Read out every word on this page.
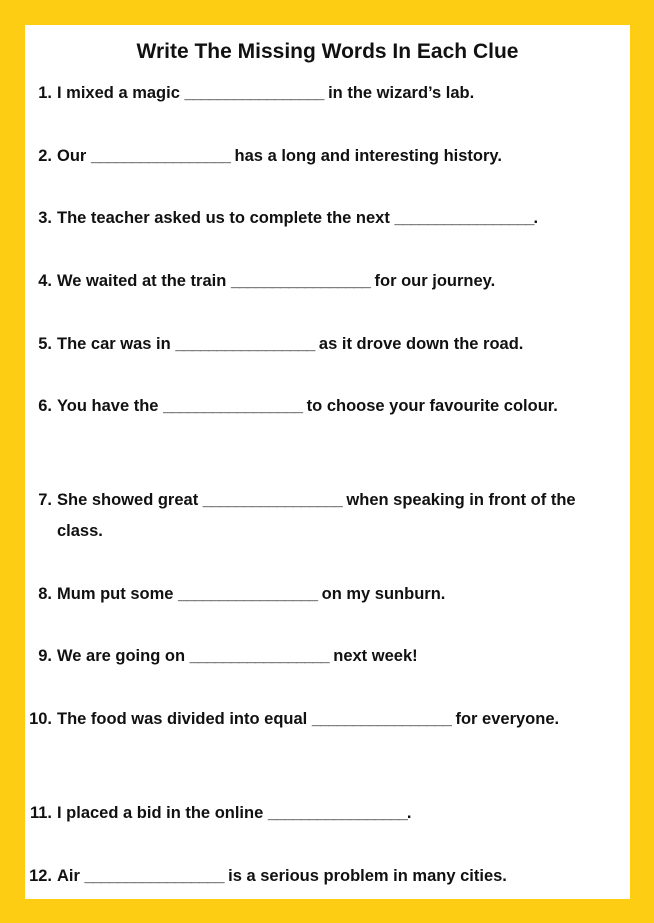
Write The Missing Words In Each Clue
1. I mixed a magic _________________ in the wizard’s lab.
2. Our _________________ has a long and interesting history.
3. The teacher asked us to complete the next _________________.
4. We waited at the train _________________ for our journey.
5. The car was in _________________ as it drove down the road.
6. You have the _________________ to choose your favourite colour.
7. She showed great _________________ when speaking in front of the class.
8. Mum put some _________________ on my sunburn.
9. We are going on _________________ next week!
10. The food was divided into equal _________________ for everyone.
11. I placed a bid in the online _________________.
12. Air _________________ is a serious problem in many cities.
